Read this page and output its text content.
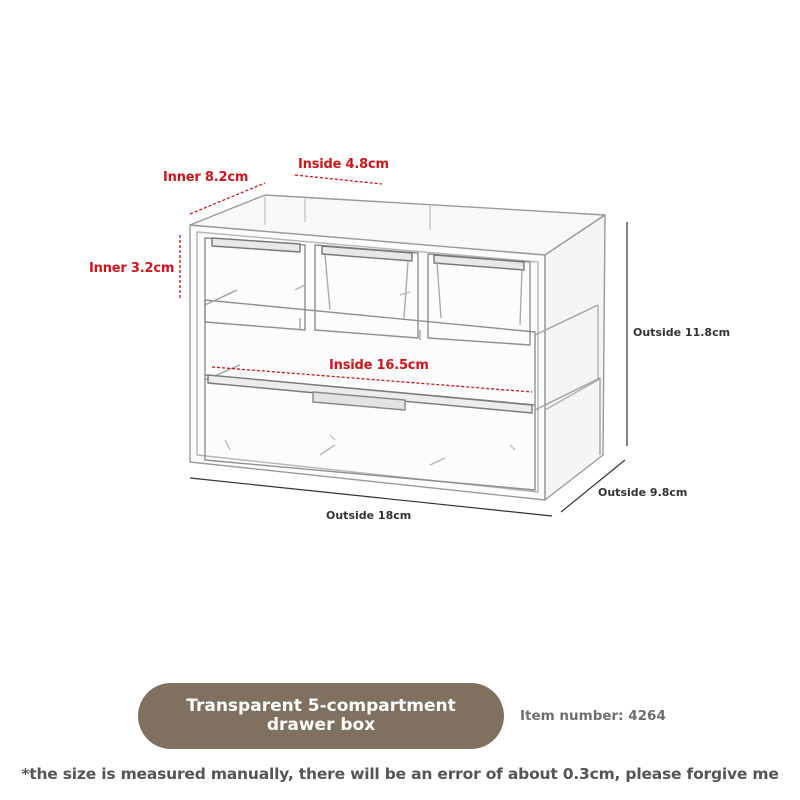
Inner 8.2cm
Inside 4.8cm
Inner 3.2cm
Inside 16.5cm
Outside 11.8cm
Outside 9.8cm
Outside 18cm
Transparent 5-compartment drawer box	Item number: 4264
*the size is measured manually, there will be an error of about 0.3cm, please forgive me
